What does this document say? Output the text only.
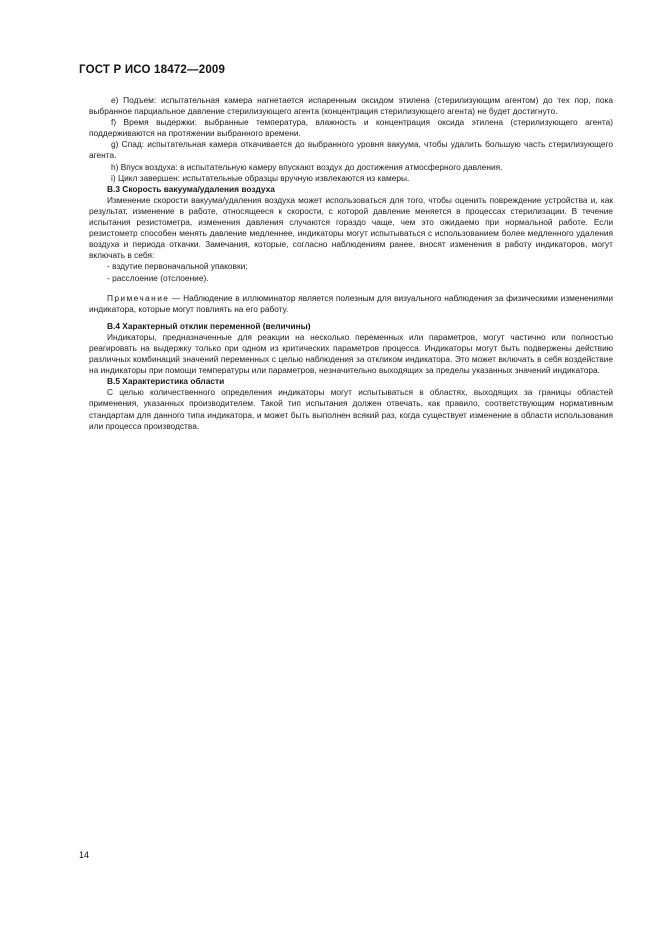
ГОСТ Р ИСО 18472—2009

е) Подъем: испытательная камера нагнетается испаренным оксидом этилена (стерилизующим агентом) до тех пор, пока выбранное парциальное давление стерилизующего агента (концентрация стерилизующего агента) не будет достигнуто.

f) Время выдержки: выбранные температура, влажность и концентрация оксида этилена (стерилизующего агента) поддерживаются на протяжении выбранного времени.

g) Спад: испытательная камера откачивается до выбранного уровня вакуума, чтобы удалить большую часть стерилизующего агента.

h) Впуск воздуха: в испытательную камеру впускают воздух до достижения атмосферного давления.

i) Цикл завершен: испытательные образцы вручную извлекаются из камеры.

В.3 Скорость вакуума/удаления воздуха

Изменение скорости вакуума/удаления воздуха может использоваться для того, чтобы оценить повреждение устройства и, как результат, изменение в работе, относящееся к скорости, с которой давление меняется в процессах стерилизации. В течение испытания резистометра, изменения давления случаются гораздо чаще, чем это ожидаемо при нормальной работе. Если резистометр способен менять давление медленнее, индикаторы могут испытываться с использованием более медленного удаления воздуха и периода откачки. Замечания, которые, согласно наблюдениям ранее, вносят изменения в работу индикаторов, могут включать в себя:

- вздутие первоначальной упаковки;

- расслоение (отслоение).

Примечание — Наблюдение в иллюминатор является полезным для визуального наблюдения за физическими изменениями индикатора, которые могут повлиять на его работу.

В.4 Характерный отклик переменной (величины)

Индикаторы, предназначенные для реакции на несколько переменных или параметров, могут частично или полностью реагировать на выдержку только при одном из критических параметров процесса. Индикаторы могут быть подвержены действию различных комбинаций значений переменных с целью наблюдения за откликом индикатора. Это может включать в себя воздействие на индикаторы при помощи температуры или параметров, незначительно выходящих за пределы указанных значений индикатора.

В.5 Характеристика области

С целью количественного определения индикаторы могут испытываться в областях, выходящих за границы областей применения, указанных производителем. Такой тип испытания должен отвечать, как правило, соответствующим нормативным стандартам для данного типа индикатора, и может быть выполнен всякий раз, когда существует изменение в области использования или процесса производства.

14
